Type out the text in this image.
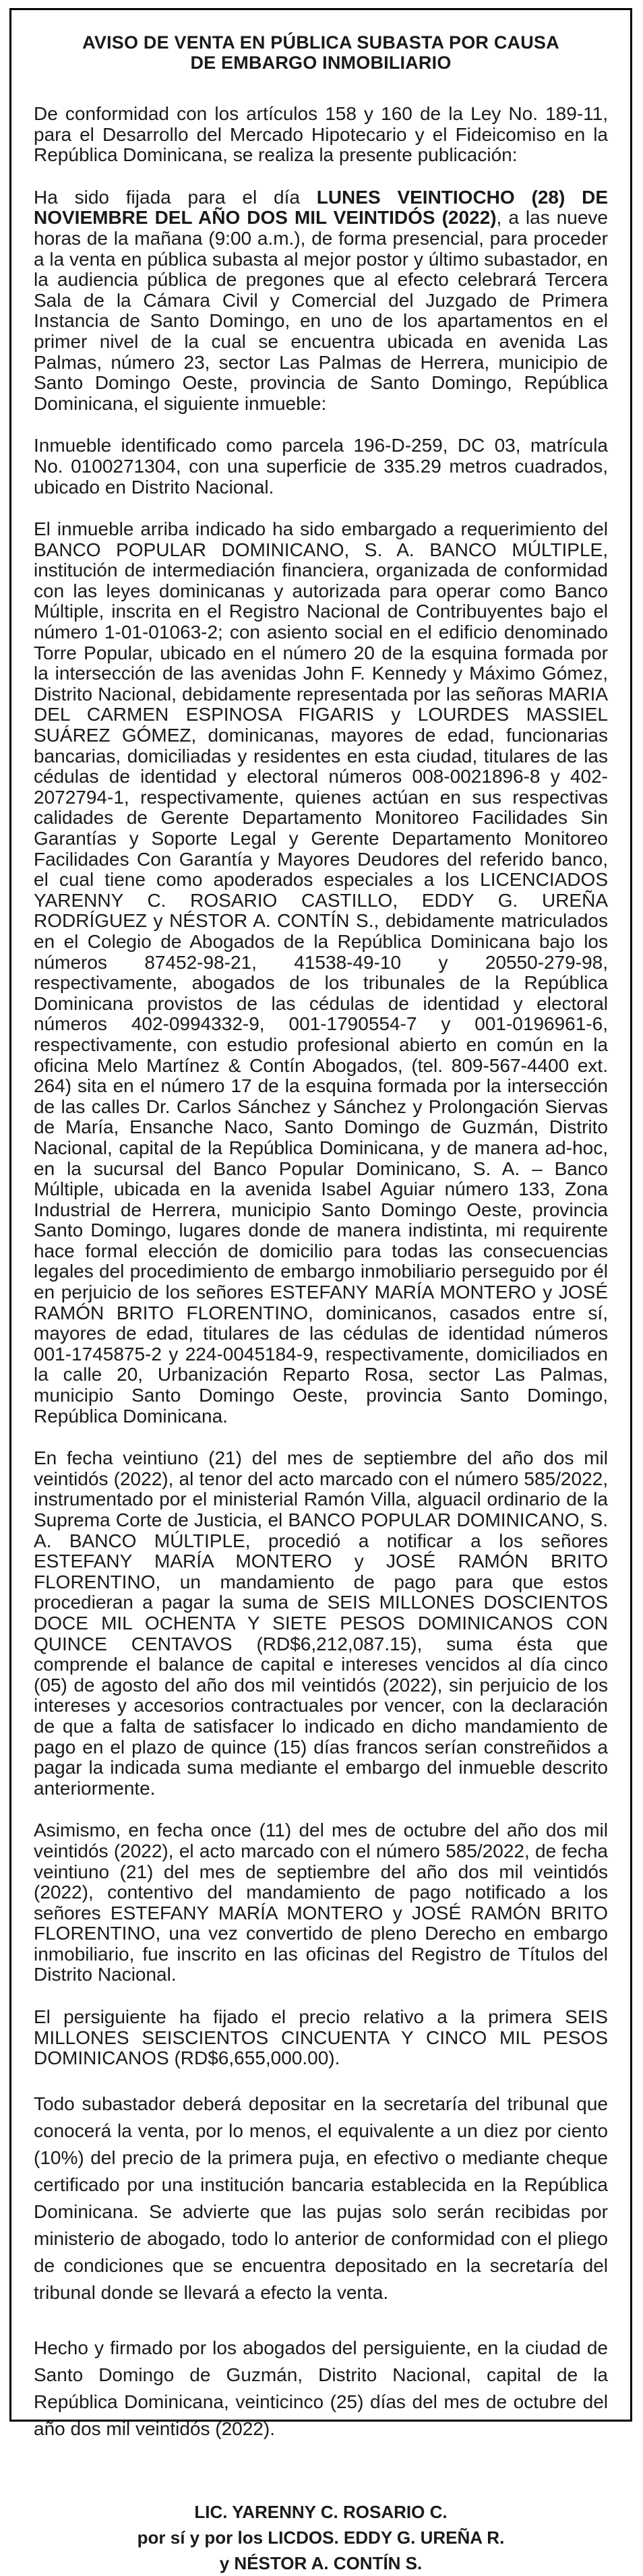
AVISO DE VENTA EN PÚBLICA SUBASTA POR CAUSA
DE EMBARGO INMOBILIARIO

De conformidad con los artículos 158 y 160 de la Ley No. 189-11, para el Desarrollo del Mercado Hipotecario y el Fideicomiso en la República Dominicana, se realiza la presente publicación:

Ha sido fijada para el día LUNES VEINTIOCHO (28) DE NOVIEMBRE DEL AÑO DOS MIL VEINTIDÓS (2022), a las nueve horas de la mañana (9:00 a.m.), de forma presencial, para proceder a la venta en pública subasta al mejor postor y último subastador, en la audiencia pública de pregones que al efecto celebrará Tercera Sala de la Cámara Civil y Comercial del Juzgado de Primera Instancia de Santo Domingo, en uno de los apartamentos en el primer nivel de la cual se encuentra ubicada en avenida Las Palmas, número 23, sector Las Palmas de Herrera, municipio de Santo Domingo Oeste, provincia de Santo Domingo, República Dominicana, el siguiente inmueble:

Inmueble identificado como parcela 196-D-259, DC 03, matrícula No. 0100271304, con una superficie de 335.29 metros cuadrados, ubicado en Distrito Nacional.

El inmueble arriba indicado ha sido embargado a requerimiento del BANCO POPULAR DOMINICANO, S. A. BANCO MÚLTIPLE, institución de intermediación financiera, organizada de conformidad con las leyes dominicanas y autorizada para operar como Banco Múltiple, inscrita en el Registro Nacional de Contribuyentes bajo el número 1-01-01063-2; con asiento social en el edificio denominado Torre Popular, ubicado en el número 20 de la esquina formada por la intersección de las avenidas John F. Kennedy y Máximo Gómez, Distrito Nacional, debidamente representada por las señoras MARIA DEL CARMEN ESPINOSA FIGARIS y LOURDES MASSIEL SUÁREZ GÓMEZ, dominicanas, mayores de edad, funcionarias bancarias, domiciliadas y residentes en esta ciudad, titulares de las cédulas de identidad y electoral números 008-0021896-8 y 402-2072794-1, respectivamente, quienes actúan en sus respectivas calidades de Gerente Departamento Monitoreo Facilidades Sin Garantías y Soporte Legal y Gerente Departamento Monitoreo Facilidades Con Garantía y Mayores Deudores del referido banco, el cual tiene como apoderados especiales a los LICENCIADOS YARENNY C. ROSARIO CASTILLO, EDDY G. UREÑA RODRÍGUEZ y NÉSTOR A. CONTÍN S., debidamente matriculados en el Colegio de Abogados de la República Dominicana bajo los números 87452-98-21, 41538-49-10 y 20550-279-98, respectivamente, abogados de los tribunales de la República Dominicana provistos de las cédulas de identidad y electoral números 402-0994332-9, 001-1790554-7 y 001-0196961-6, respectivamente, con estudio profesional abierto en común en la oficina Melo Martínez & Contín Abogados, (tel. 809-567-4400 ext. 264) sita en el número 17 de la esquina formada por la intersección de las calles Dr. Carlos Sánchez y Sánchez y Prolongación Siervas de María, Ensanche Naco, Santo Domingo de Guzmán, Distrito Nacional, capital de la República Dominicana, y de manera ad-hoc, en la sucursal del Banco Popular Dominicano, S. A. – Banco Múltiple, ubicada en la avenida Isabel Aguiar número 133, Zona Industrial de Herrera, municipio Santo Domingo Oeste, provincia Santo Domingo, lugares donde de manera indistinta, mi requirente hace formal elección de domicilio para todas las consecuencias legales del procedimiento de embargo inmobiliario perseguido por él en perjuicio de los señores ESTEFANY MARÍA MONTERO y JOSÉ RAMÓN BRITO FLORENTINO, dominicanos, casados entre sí, mayores de edad, titulares de las cédulas de identidad números 001-1745875-2 y 224-0045184-9, respectivamente, domiciliados en la calle 20, Urbanización Reparto Rosa, sector Las Palmas, municipio Santo Domingo Oeste, provincia Santo Domingo, República Dominicana.

En fecha veintiuno (21) del mes de septiembre del año dos mil veintidós (2022), al tenor del acto marcado con el número 585/2022, instrumentado por el ministerial Ramón Villa, alguacil ordinario de la Suprema Corte de Justicia, el BANCO POPULAR DOMINICANO, S. A. BANCO MÚLTIPLE, procedió a notificar a los señores ESTEFANY MARÍA MONTERO y JOSÉ RAMÓN BRITO FLORENTINO, un mandamiento de pago para que estos procedieran a pagar la suma de SEIS MILLONES DOSCIENTOS DOCE MIL OCHENTA Y SIETE PESOS DOMINICANOS CON QUINCE CENTAVOS (RD$6,212,087.15), suma ésta que comprende el balance de capital e intereses vencidos al día cinco (05) de agosto del año dos mil veintidós (2022), sin perjuicio de los intereses y accesorios contractuales por vencer, con la declaración de que a falta de satisfacer lo indicado en dicho mandamiento de pago en el plazo de quince (15) días francos serían constreñidos a pagar la indicada suma mediante el embargo del inmueble descrito anteriormente.

Asimismo, en fecha once (11) del mes de octubre del año dos mil veintidós (2022), el acto marcado con el número 585/2022, de fecha veintiuno (21) del mes de septiembre del año dos mil veintidós (2022), contentivo del mandamiento de pago notificado a los señores ESTEFANY MARÍA MONTERO y JOSÉ RAMÓN BRITO FLORENTINO, una vez convertido de pleno Derecho en embargo inmobiliario, fue inscrito en las oficinas del Registro de Títulos del Distrito Nacional.

El persiguiente ha fijado el precio relativo a la primera SEIS MILLONES SEISCIENTOS CINCUENTA Y CINCO MIL PESOS DOMINICANOS (RD$6,655,000.00).

Todo subastador deberá depositar en la secretaría del tribunal que conocerá la venta, por lo menos, el equivalente a un diez por ciento (10%) del precio de la primera puja, en efectivo o mediante cheque certificado por una institución bancaria establecida en la República Dominicana. Se advierte que las pujas solo serán recibidas por ministerio de abogado, todo lo anterior de conformidad con el pliego de condiciones que se encuentra depositado en la secretaría del tribunal donde se llevará a efecto la venta.

Hecho y firmado por los abogados del persiguiente, en la ciudad de Santo Domingo de Guzmán, Distrito Nacional, capital de la República Dominicana, veinticinco (25) días del mes de octubre del año dos mil veintidós (2022).

LIC. YARENNY C. ROSARIO C.
por sí y por los LICDOS. EDDY G. UREÑA R.
y NÉSTOR A. CONTÍN S.
